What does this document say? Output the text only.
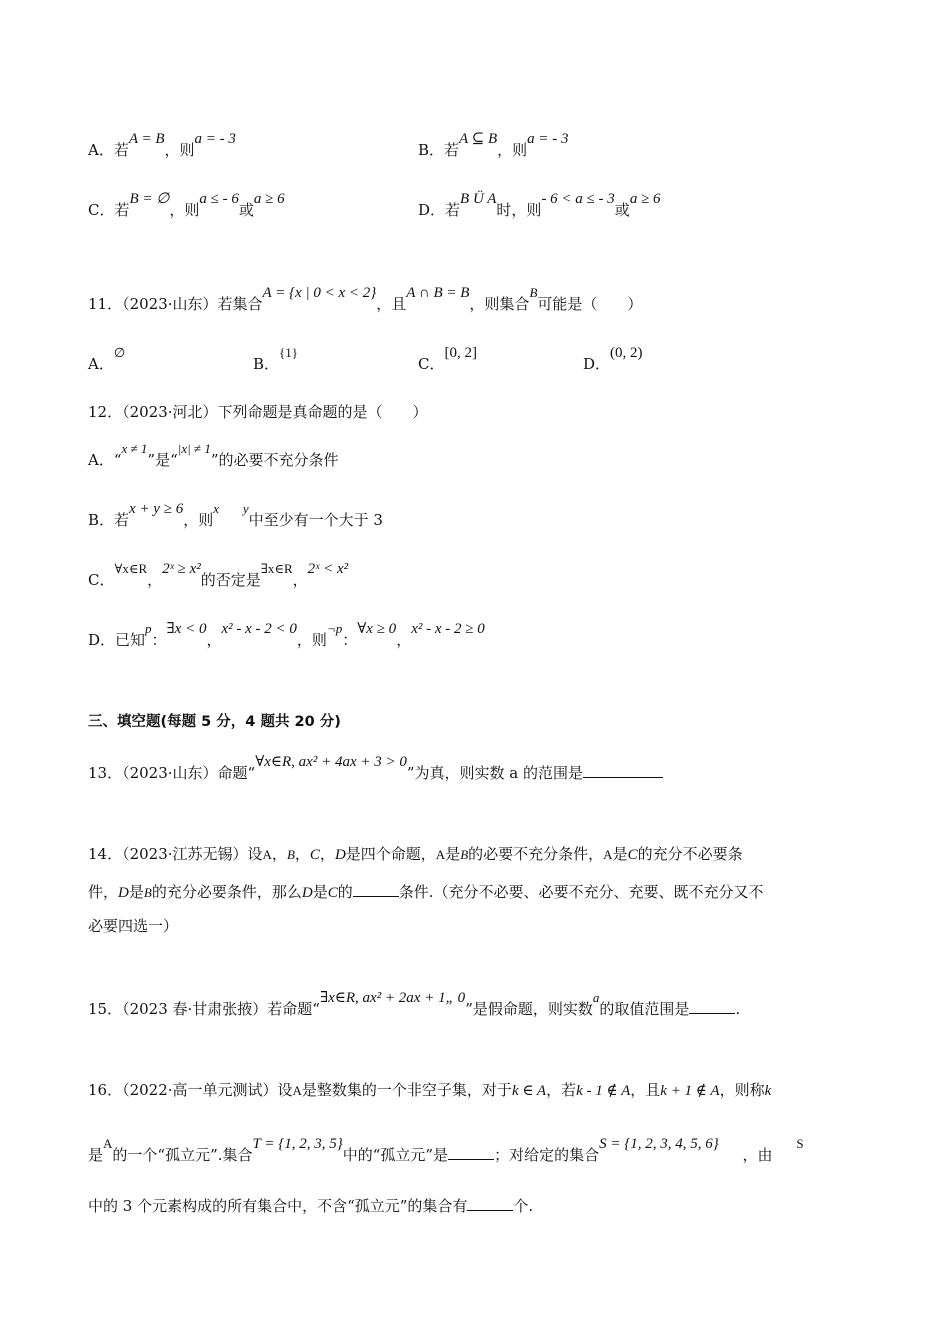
A．若A = B，则a = - 3
B．若A ⊆ B，则a = - 3
C．若B = ∅，则a ≤ - 6或a ≥ 6
D．若B Ü A时，则- 6 < a ≤ - 3或a ≥ 6
11．（2023·山东）若集合A = {x | 0 < x < 2}，且A ∩ B = B，则集合B可能是（　　）
A．∅
B．{1}
C．[0, 2]
D．(0, 2)
12．（2023·河北）下列命题是真命题的是（　　）
A．“x ≠ 1”是“|x| ≠ 1”的必要不充分条件
B．若x + y ≥ 6，则x y中至少有一个大于 3
C．∀x∈R，2ˣ ≥ x²的否定是∃x∈R，2ˣ < x²
D．已知p：∃x < 0，x² - x - 2 < 0，则¬p：∀x ≥ 0，x² - x - 2 ≥ 0
三、填空题(每题 5 分，4 题共 20 分)
13．（2023·山东）命题“∀x∈R, ax² + 4ax + 3 > 0”为真，则实数 a 的范围是
14．（2023·江苏无锡）设A，B，C，D是四个命题，A是B的必要不充分条件，A是C的充分不必要条
件，D是B的充分必要条件，那么D是C的	条件.（充分不必要、必要不充分、充要、既不充分又不
必要四选一）
15．（2023 春·甘肃张掖）若命题“∃x∈R, ax² + 2ax + 1„ 0”是假命题，则实数a的取值范围是	.
16．（2022·高一单元测试）设A是整数集的一个非空子集，对于k ∈ A，若k - 1 ∉ A，且k + 1 ∉ A，则称k
是A的一个“孤立元”.集合T = {1, 2, 3, 5}中的“孤立元”是	；对给定的集合S = {1, 2, 3, 4, 5, 6}     ，由     S
中的 3 个元素构成的所有集合中，不含“孤立元”的集合有	个.
